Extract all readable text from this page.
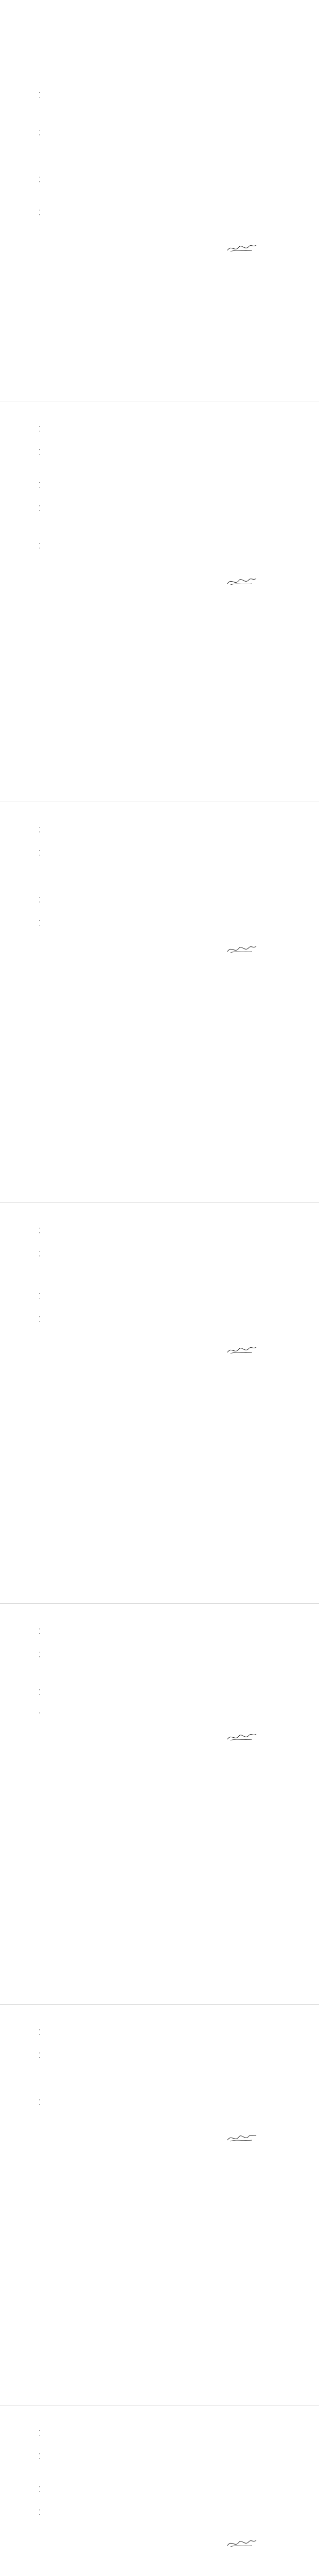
•
•
•
•
•
•
•
•
•
•
•
•
•
•
•
•
•
•
•
•
•
•
•
•
•
•
•
•
•
•
•
•
•
•
•
•
•
•
•
•
•
•
•
•
•
•
•
•
•
•
•
•
•
•
•
